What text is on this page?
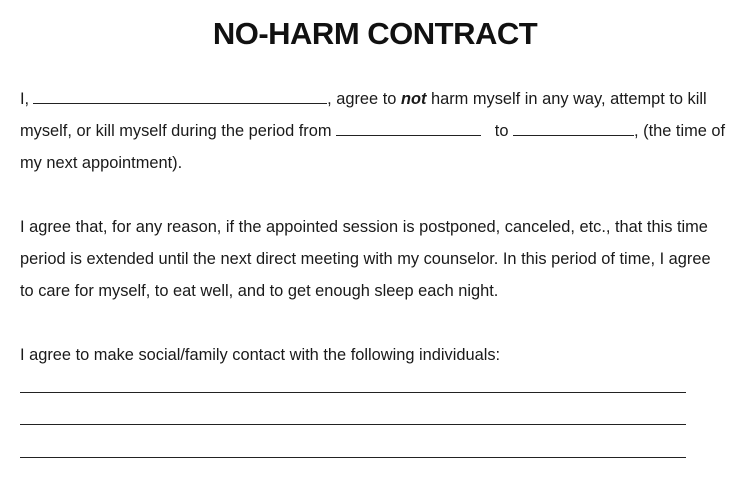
NO-HARM CONTRACT
I,	, agree to not harm myself in any way, attempt to kill
myself, or kill myself during the period from	to	, (the time of
my next appointment).
I agree that, for any reason, if the appointed session is postponed, canceled, etc., that this time
period is extended until the next direct meeting with my counselor. In this period of time, I agree
to care for myself, to eat well, and to get enough sleep each night.
I agree to make social/family contact with the following individuals:
